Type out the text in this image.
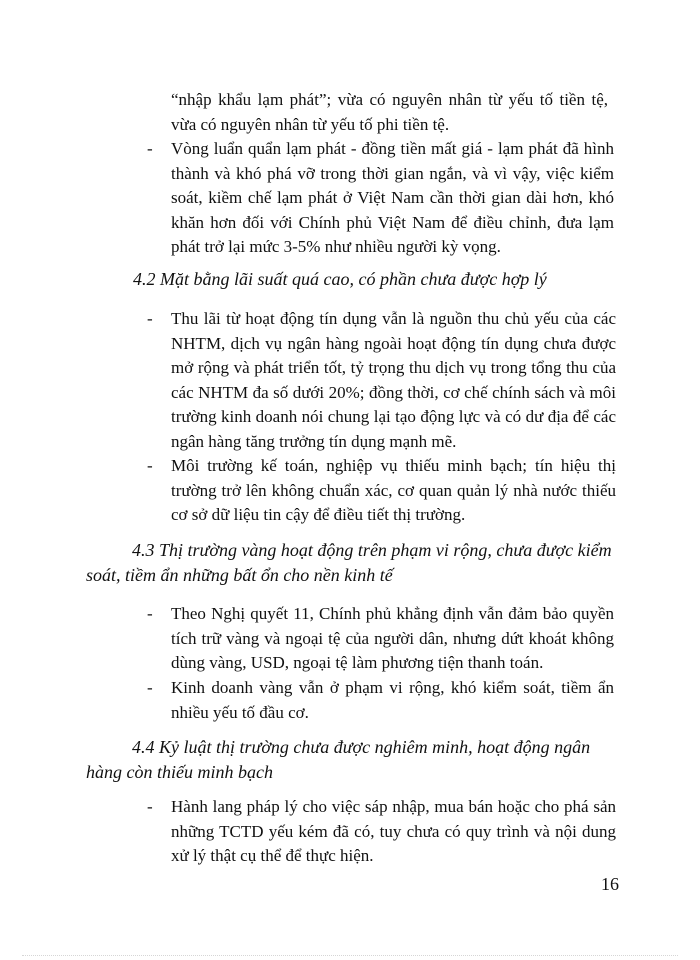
“nhập khẩu lạm phát”; vừa có nguyên nhân từ yếu tố tiền tệ, vừa có nguyên nhân từ yếu tố phi tiền tệ.

- Vòng luẩn quẩn lạm phát - đồng tiền mất giá - lạm phát đã hình thành và khó phá vỡ trong thời gian ngắn, và vì vậy, việc kiểm soát, kiềm chế lạm phát ở Việt Nam cần thời gian dài hơn, khó khăn hơn đối với Chính phủ Việt Nam để điều chỉnh, đưa lạm phát trở lại mức 3-5% như nhiều người kỳ vọng.

4.2 Mặt bằng lãi suất quá cao, có phần chưa được hợp lý

- Thu lãi từ hoạt động tín dụng vẫn là nguồn thu chủ yếu của các NHTM, dịch vụ ngân hàng ngoài hoạt động tín dụng chưa được mở rộng và phát triển tốt, tỷ trọng thu dịch vụ trong tổng thu của các NHTM đa số dưới 20%; đồng thời, cơ chế chính sách và môi trường kinh doanh nói chung lại tạo động lực và có dư địa để các ngân hàng tăng trưởng tín dụng mạnh mẽ.

- Môi trường kế toán, nghiệp vụ thiếu minh bạch; tín hiệu thị trường trở lên không chuẩn xác, cơ quan quản lý nhà nước thiếu cơ sở dữ liệu tin cậy để điều tiết thị trường.

4.3 Thị trường vàng hoạt động trên phạm vi rộng, chưa được kiểm soát, tiềm ẩn những bất ổn cho nền kinh tế

- Theo Nghị quyết 11, Chính phủ khẳng định vẫn đảm bảo quyền tích trữ vàng và ngoại tệ của người dân, nhưng dứt khoát không dùng vàng, USD, ngoại tệ làm phương tiện thanh toán.

- Kinh doanh vàng vẫn ở phạm vi rộng, khó kiểm soát, tiềm ẩn nhiều yếu tố đầu cơ.

4.4 Kỷ luật thị trường chưa được nghiêm minh, hoạt động ngân hàng còn thiếu minh bạch

- Hành lang pháp lý cho việc sáp nhập, mua bán hoặc cho phá sản những TCTD yếu kém đã có, tuy chưa có quy trình và nội dung xử lý thật cụ thể để thực hiện.

16
